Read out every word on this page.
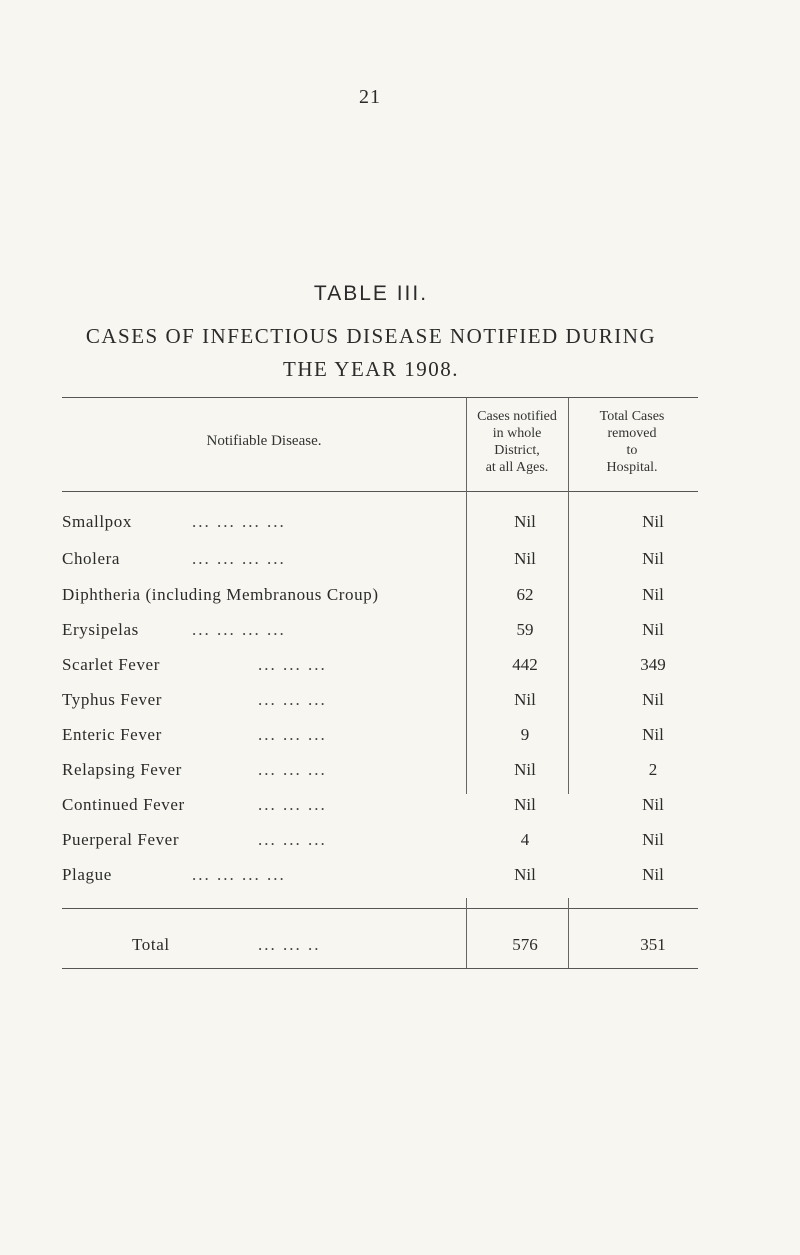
21
TABLE III.
CASES OF INFECTIOUS DISEASE NOTIFIED DURING
THE YEAR 1908.
Notifiable Disease.
Cases notified
in whole
District,
at all Ages.
Total Cases
removed
to
Hospital.
Smallpox	... ... ... ...	Nil	Nil
Cholera	... ... ... ...	Nil	Nil
Diphtheria (including Membranous Croup)	62	Nil
Erysipelas	... ... ... ...	59	Nil
Scarlet Fever	... ... ...	442	349
Typhus Fever	... ... ...	Nil	Nil
Enteric Fever	... ... ...	9	Nil
Relapsing Fever	... ... ...	Nil	2
Continued Fever	... ... ...	Nil	Nil
Puerperal Fever	... ... ...	4	Nil
Plague	... ... ... ...	Nil	Nil
Total	... ... ..	576	351
